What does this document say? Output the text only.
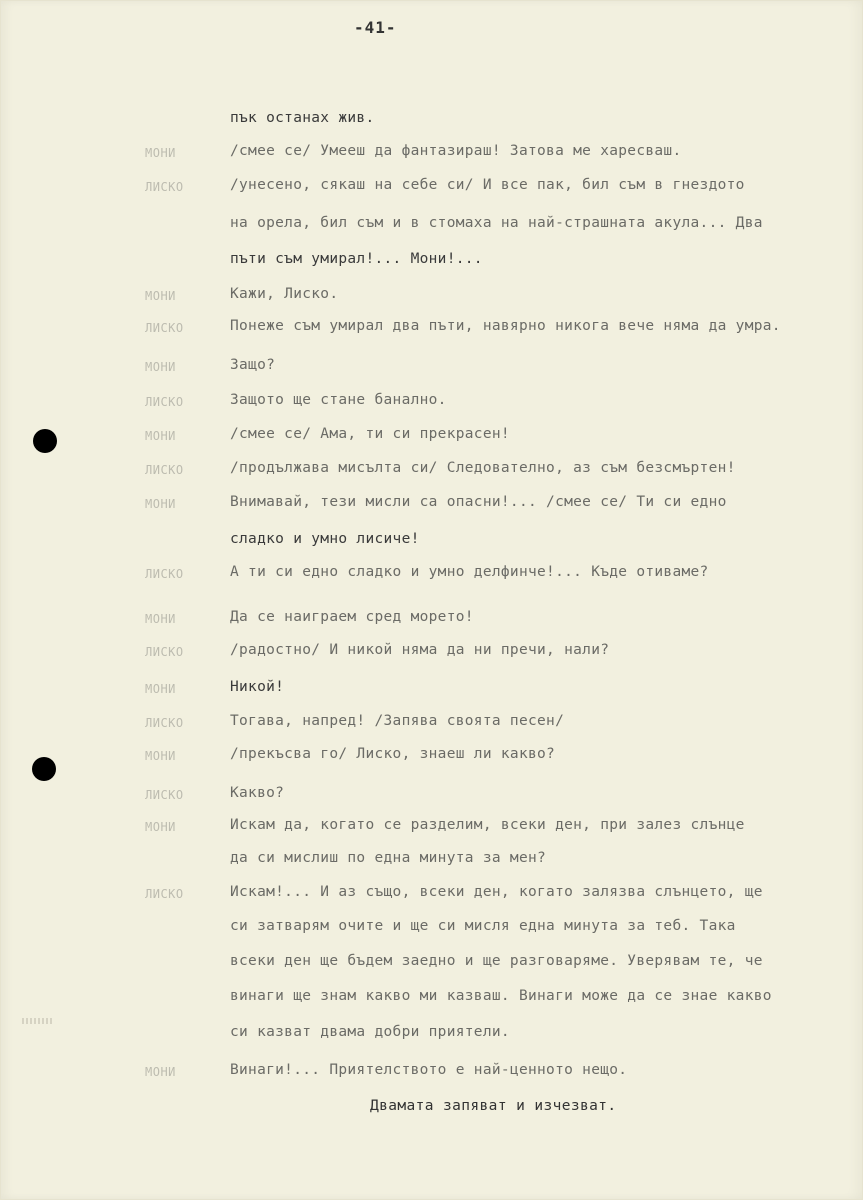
-41-
пък останах жив.
МОНИ	/смее се/ Умееш да фантазираш! Затова ме харесваш.
ЛИСКО	/унесено, сякаш на себе си/ И все пак, бил съм в гнездото
на орела, бил съм и в стомаха на най-страшната акула... Два
пъти съм умирал!... Мони!...
МОНИ	Кажи, Лиско.
ЛИСКО	Понеже съм умирал два пъти, навярно никога вече няма да умра.
МОНИ	Защо?
ЛИСКО	Защото ще стане банално.
МОНИ	/смее се/ Ама, ти си прекрасен!
ЛИСКО	/продължава мисълта си/ Следователно, аз съм безсмъртен!
МОНИ	Внимавай, тези мисли са опасни!... /смее се/ Ти си едно
сладко и умно лисиче!
ЛИСКО	А ти си едно сладко и умно делфинче!... Къде отиваме?
МОНИ	Да се наиграем сред морето!
ЛИСКО	/радостно/ И никой няма да ни пречи, нали?
МОНИ	Никой!
ЛИСКО	Тогава, напред! /Запява своята песен/
МОНИ	/прекъсва го/ Лиско, знаеш ли какво?
ЛИСКО	Какво?
МОНИ	Искам да, когато се разделим, всеки ден, при залез слънце
да си мислиш по една минута за мен?
ЛИСКО	Искам!... И аз също, всеки ден, когато залязва слънцето, ще
си затварям очите и ще си мисля една минута за теб. Така
всеки ден ще бъдем заедно и ще разговаряме. Уверявам те, че
винаги ще знам какво ми казваш. Винаги може да се знае какво
си казват двама добри приятели.
МОНИ	Винаги!... Приятелството е най-ценното нещо.
Двамата запяват и изчезват.
